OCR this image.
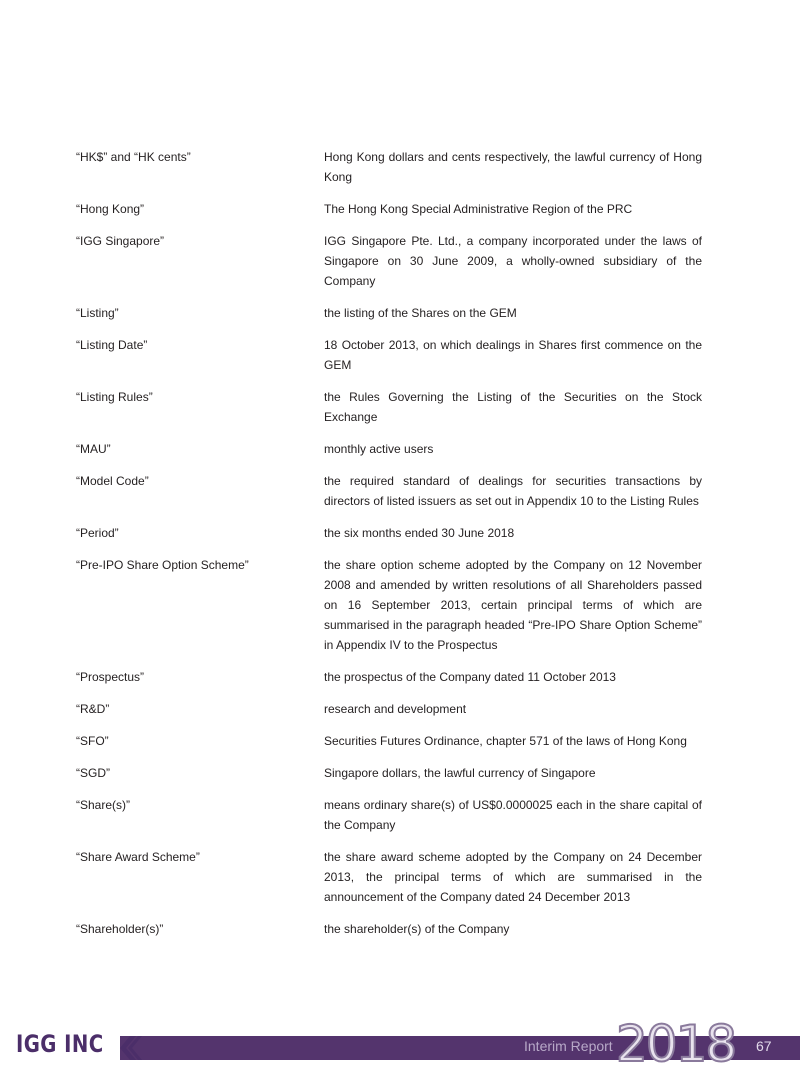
“HK$” and “HK cents”	Hong Kong dollars and cents respectively, the lawful currency of Hong Kong
“Hong Kong”	The Hong Kong Special Administrative Region of the PRC
“IGG Singapore”	IGG Singapore Pte. Ltd., a company incorporated under the laws of Singapore on 30 June 2009, a wholly-owned subsidiary of the Company
“Listing”	the listing of the Shares on the GEM
“Listing Date”	18 October 2013, on which dealings in Shares first commence on the GEM
“Listing Rules”	the Rules Governing the Listing of the Securities on the Stock Exchange
“MAU”	monthly active users
“Model Code”	the required standard of dealings for securities transactions by directors of listed issuers as set out in Appendix 10 to the Listing Rules
“Period”	the six months ended 30 June 2018
“Pre-IPO Share Option Scheme”	the share option scheme adopted by the Company on 12 November 2008 and amended by written resolutions of all Shareholders passed on 16 September 2013, certain principal terms of which are summarised in the paragraph headed “Pre-IPO Share Option Scheme” in Appendix IV to the Prospectus
“Prospectus”	the prospectus of the Company dated 11 October 2013
“R&D”	research and development
“SFO”	Securities Futures Ordinance, chapter 571 of the laws of Hong Kong
“SGD”	Singapore dollars, the lawful currency of Singapore
“Share(s)”	means ordinary share(s) of US$0.0000025 each in the share capital of the Company
“Share Award Scheme”	the share award scheme adopted by the Company on 24 December 2013, the principal terms of which are summarised in the announcement of the Company dated 24 December 2013
“Shareholder(s)”	the shareholder(s) of the Company
IGG INC	Interim Report 2018 67
